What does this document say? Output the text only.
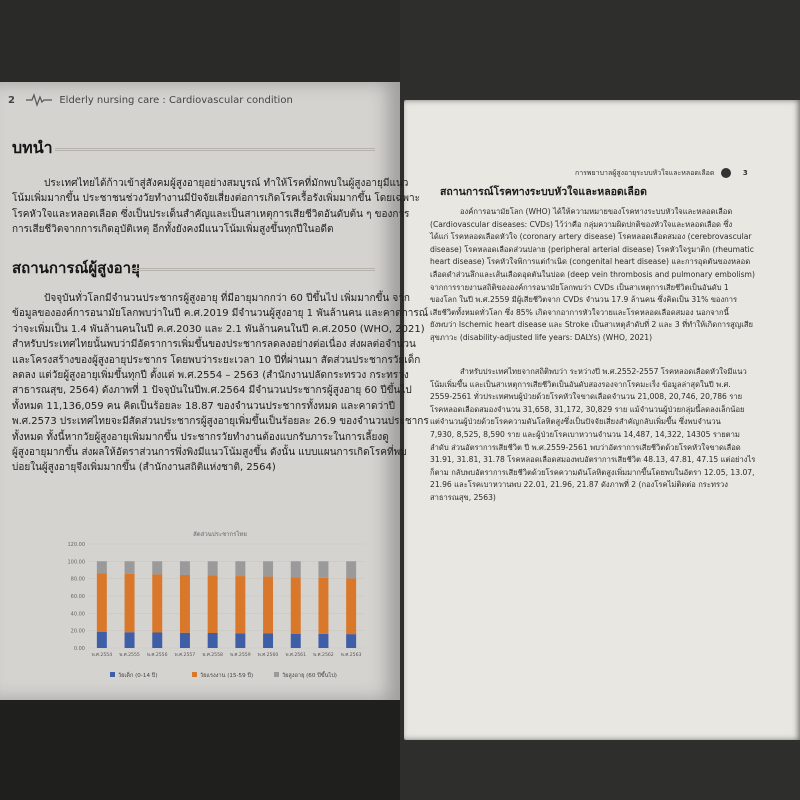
2	Elderly nursing care : Cardiovascular condition
บทนำ
ประเทศไทยได้ก้าวเข้าสู่สังคมผู้สูงอายุอย่างสมบูรณ์ ทำให้โรคที่มักพบในผู้สูงอายุมีแนว
โน้มเพิ่มมากขึ้น ประชาชนช่วงวัยทำงานมีปัจจัยเสี่ยงต่อการเกิดโรคเรื้อรังเพิ่มมากขึ้น โดยเฉพาะ
โรคหัวใจและหลอดเลือด ซึ่งเป็นประเด็นสำคัญและเป็นสาเหตุการเสียชีวิตอันดับต้น ๆ ของการ
การเสียชีวิตจากการเกิดอุบัติเหตุ อีกทั้งยังคงมีแนวโน้มเพิ่มสูงขึ้นทุกปีในอดีต
สถานการณ์ผู้สูงอายุ
ปัจจุบันทั่วโลกมีจำนวนประชากรผู้สูงอายุ ที่มีอายุมากกว่า 60 ปีขึ้นไป เพิ่มมากขึ้น จาก
ข้อมูลขององค์การอนามัยโลกพบว่าในปี ค.ศ.2019 มีจำนวนผู้สูงอายุ 1 พันล้านคน และคาดการณ์
ว่าจะเพิ่มเป็น 1.4 พันล้านคนในปี ค.ศ.2030 และ 2.1 พันล้านคนในปี ค.ศ.2050 (WHO, 2021)
สำหรับประเทศไทยนั้นพบว่ามีอัตราการเพิ่มขึ้นของประชากรลดลงอย่างต่อเนื่อง ส่งผลต่อจำนวน
และโครงสร้างของผู้สูงอายุประชากร โดยพบว่าระยะเวลา 10 ปีที่ผ่านมา สัดส่วนประชากรวัยเด็ก
ลดลง แต่วัยผู้สูงอายุเพิ่มขึ้นทุกปี ตั้งแต่ พ.ศ.2554 – 2563 (สำนักงานปลัดกระทรวง กระทรวง
สาธารณสุข, 2564) ดังภาพที่ 1 ปัจจุบันในปีพ.ศ.2564 มีจำนวนประชากรผู้สูงอายุ 60 ปีขึ้นไป
ทั้งหมด 11,136,059 คน คิดเป็นร้อยละ 18.87 ของจำนวนประชากรทั้งหมด และคาดว่าปี
พ.ศ.2573 ประเทศไทยจะมีสัดส่วนประชากรผู้สูงอายุเพิ่มขึ้นเป็นร้อยละ 26.9 ของจำนวนประชากร
ทั้งหมด ทั้งนี้หากวัยผู้สูงอายุเพิ่มมากขึ้น ประชากรวัยทำงานต้องแบกรับภาระในการเลี้ยงดู
ผู้สูงอายุมากขึ้น ส่งผลให้อัตราส่วนการพึ่งพิงมีแนวโน้มสูงขึ้น ดังนั้น แบบแผนการเกิดโรคที่พบ
บ่อยในผู้สูงอายุจึงเพิ่มมากขึ้น (สำนักงานสถิติแห่งชาติ, 2564)
สัดส่วนประชากรไทย
0.00
20.00
40.00
60.00
80.00
100.00
120.00
พ.ศ.2554 พ.ศ.2555 พ.ศ.2556 พ.ศ.2557 พ.ศ.2558 พ.ศ.2559 พ.ศ.2560 พ.ศ.2561 พ.ศ.2562 พ.ศ.2563
วัยเด็ก (0-14 ปี)	วัยแรงงาน (15-59 ปี)	วัยสูงอายุ (60 ปีขึ้นไป)
การพยาบาลผู้สูงอายุระบบหัวใจและหลอดเลือด	3
สถานการณ์โรคทางระบบหัวใจและหลอดเลือด
องค์การอนามัยโลก (WHO) ได้ให้ความหมายของโรคทางระบบหัวใจและหลอดเลือด
(Cardiovascular diseases: CVDs) ไว้ว่าคือ กลุ่มความผิดปกติของหัวใจและหลอดเลือด ซึ่ง
ได้แก่ โรคหลอดเลือดหัวใจ (coronary artery disease) โรคหลอดเลือดสมอง (cerebrovascular
disease) โรคหลอดเลือดส่วนปลาย (peripheral arterial disease) โรคหัวใจรูมาติก (rheumatic
heart disease) โรคหัวใจพิการแต่กำเนิด (congenital heart disease) และการอุดตันของหลอด
เลือดดำส่วนลึกและเส้นเลือดอุดตันในปอด (deep vein thrombosis and pulmonary embolism)
จากการรายงานสถิติขององค์การอนามัยโลกพบว่า CVDs เป็นสาเหตุการเสียชีวิตเป็นอันดับ 1
ของโลก ในปี พ.ศ.2559 มีผู้เสียชีวิตจาก CVDs จำนวน 17.9 ล้านคน ซึ่งคิดเป็น 31% ของการ
เสียชีวิตทั้งหมดทั่วโลก ซึ่ง 85% เกิดจากอาการหัวใจวายและโรคหลอดเลือดสมอง นอกจากนี้
ยังพบว่า Ischemic heart disease และ Stroke เป็นสาเหตุลำดับที่ 2 และ 3 ที่ทำให้เกิดการสูญเสีย
สุขภาวะ (disability-adjusted life years: DALYs) (WHO, 2021)
สำหรับประเทศไทยจากสถิติพบว่า ระหว่างปี พ.ศ.2552-2557 โรคหลอดเลือดหัวใจมีแนว
โน้มเพิ่มขึ้น และเป็นสาเหตุการเสียชีวิตเป็นอันดับสองรองจากโรคมะเร็ง ข้อมูลล่าสุดในปี พ.ศ.
2559-2561 ทั่วประเทศพบผู้ป่วยด้วยโรคหัวใจขาดเลือดจำนวน 21,008, 20,746, 20,786 ราย
โรคหลอดเลือดสมองจำนวน 31,658, 31,172, 30,829 ราย แม้จำนวนผู้ป่วยกลุ่มนี้ลดลงเล็กน้อย
แต่จำนวนผู้ป่วยด้วยโรคความดันโลหิตสูงซึ่งเป็นปัจจัยเสี่ยงสำคัญกลับเพิ่มขึ้น ซึ่งพบจำนวน
7,930, 8,525, 8,590 ราย และผู้ป่วยโรคเบาหวานจำนวน 14,487, 14,322, 14305 รายตาม
ลำดับ ส่วนอัตราการเสียชีวิต ปี พ.ศ.2559-2561 พบว่าอัตราการเสียชีวิตด้วยโรคหัวใจขาดเลือด
31.91, 31.81, 31.78 โรคหลอดเลือดสมองพบอัตราการเสียชีวิต 48.13, 47.81, 47.15 แต่อย่างไร
ก็ตาม กลับพบอัตราการเสียชีวิตด้วยโรคความดันโลหิตสูงเพิ่มมากขึ้นโดยพบในอัตรา 12.05, 13.07,
21.96 และโรคเบาหวานพบ 22.01, 21.96, 21.87 ดังภาพที่ 2 (กองโรคไม่ติดต่อ กระทรวง
สาธารณสุข, 2563)
